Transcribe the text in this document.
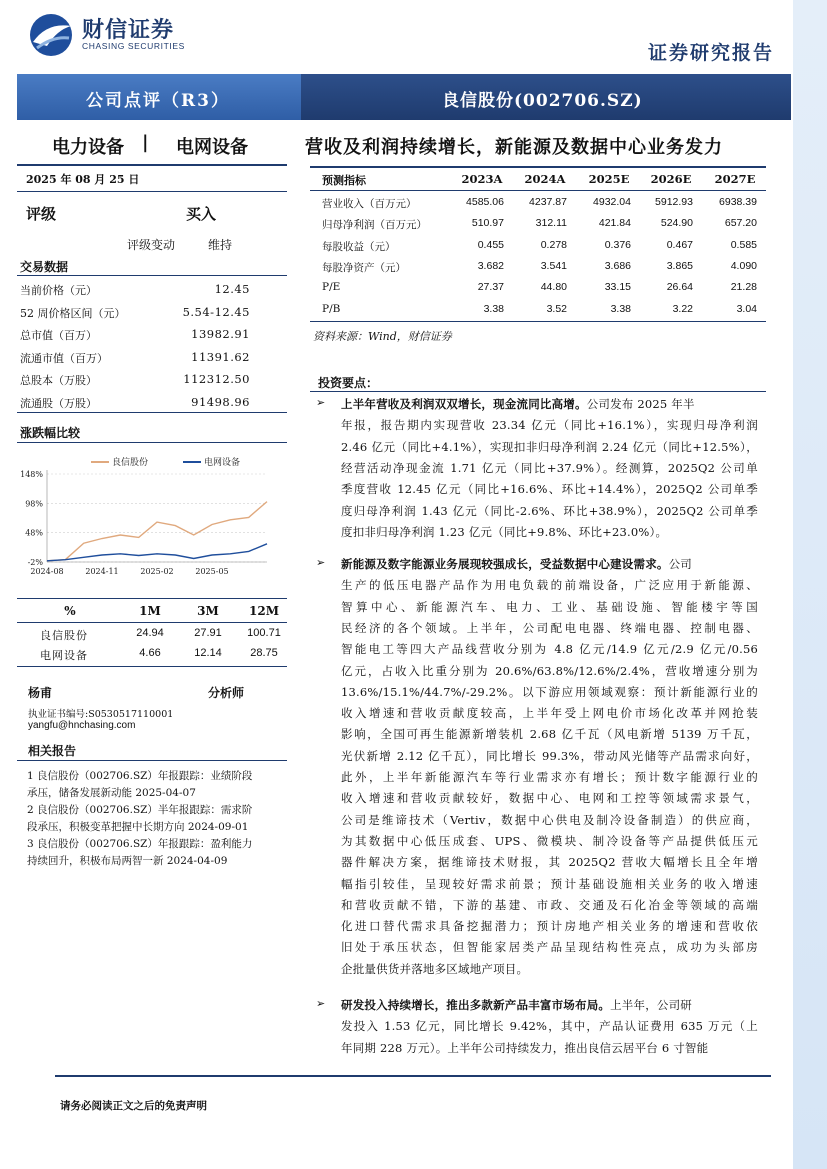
财信证券
CHASING SECURITIES	证券研究报告
公司点评（R3）	良信股份(002706.SZ)
电力设备 | 电网设备	营收及利润持续增长，新能源及数据中心业务发力
2025 年 08 月 25 日
评级	买入
评级变动	维持
交易数据
当前价格（元）	12.45
52 周价格区间（元）	5.54-12.45
总市值（百万）	13982.91
流通市值（百万）	11391.62
总股本（万股）	112312.50
流通股（万股）	91498.96
涨跌幅比较
148%
98%
48%
-2%
2024-08	2024-11	2025-02	2025-05
良信股份	电网设备
%	1M	3M	12M
良信股份	24.94	27.91	100.71
电网设备	4.66	12.14	28.75
杨甫	分析师
执业证书编号:S0530517110001
yangfu@hnchasing.com
相关报告
1 良信股份（002706.SZ）年报跟踪：业绩阶段
承压，储备发展新动能 2025-04-07
2 良信股份（002706.SZ）半年报跟踪：需求阶
段承压，积极变革把握中长期方向 2024-09-01
3 良信股份（002706.SZ）年报跟踪：盈利能力
持续回升，积极布局两智一新 2024-04-09
预测指标	2023A	2024A	2025E	2026E	2027E
营业收入（百万元）	4585.06	4237.87	4932.04	5912.93	6938.39
归母净利润（百万元）	510.97	312.11	421.84	524.90	657.20
每股收益（元）	0.455	0.278	0.376	0.467	0.585
每股净资产（元）	3.682	3.541	3.686	3.865	4.090
P/E	27.37	44.80	33.15	26.64	21.28
P/B	3.38	3.52	3.38	3.22	3.04
资料来源：Wind，财信证券
投资要点：
➢ 上半年营收及利润双双增长，现金流同比高增。公司发布 2025 年半
年报，报告期内实现营收 23.34 亿元（同比+16.1%），实现归母净利润
2.46 亿元（同比+4.1%），实现扣非归母净利润 2.24 亿元（同比+12.5%），
经营活动净现金流 1.71 亿元（同比+37.9%）。经测算，2025Q2 公司单
季度营收 12.45 亿元（同比+16.6%、环比+14.4%），2025Q2 公司单季
度归母净利润 1.43 亿元（同比-2.6%、环比+38.9%），2025Q2 公司单季
度扣非归母净利润 1.23 亿元（同比+9.8%、环比+23.0%）。
➢ 新能源及数字能源业务展现较强成长，受益数据中心建设需求。公司
生产的低压电器产品作为用电负载的前端设备，广泛应用于新能源、
智算中心、新能源汽车、电力、工业、基础设施、智能楼宇等国
民经济的各个领域。上半年，公司配电电器、终端电器、控制电器、
智能电工等四大产品线营收分别为 4.8 亿元/14.9 亿元/2.9 亿元/0.56
亿元，占收入比重分别为 20.6%/63.8%/12.6%/2.4%，营收增速分别为
13.6%/15.1%/44.7%/-29.2%。以下游应用领域观察：预计新能源行业的
收入增速和营收贡献度较高，上半年受上网电价市场化改革并网抢装
影响，全国可再生能源新增装机 2.68 亿千瓦（风电新增 5139 万千瓦，
光伏新增 2.12 亿千瓦），同比增长 99.3%，带动风光储等产品需求向好，
此外，上半年新能源汽车等行业需求亦有增长；预计数字能源行业的
收入增速和营收贡献较好，数据中心、电网和工控等领域需求景气，
公司是维谛技术（Vertiv，数据中心供电及制冷设备制造）的供应商，
为其数据中心低压成套、UPS、微模块、制冷设备等产品提供低压元
器件解决方案，据维谛技术财报，其 2025Q2 营收大幅增长且全年增
幅指引较佳，呈现较好需求前景；预计基础设施相关业务的收入增速
和营收贡献不错，下游的基建、市政、交通及石化冶金等领域的高端
化进口替代需求具备挖掘潜力；预计房地产相关业务的增速和营收依
旧处于承压状态，但智能家居类产品呈现结构性亮点，成功为头部房
企批量供货并落地多区域地产项目。
➢ 研发投入持续增长，推出多款新产品丰富市场布局。上半年，公司研
发投入 1.53 亿元，同比增长 9.42%，其中，产品认证费用 635 万元（上
年同期 228 万元）。上半年公司持续发力，推出良信云居平台 6 寸智能
请务必阅读正文之后的免责声明
